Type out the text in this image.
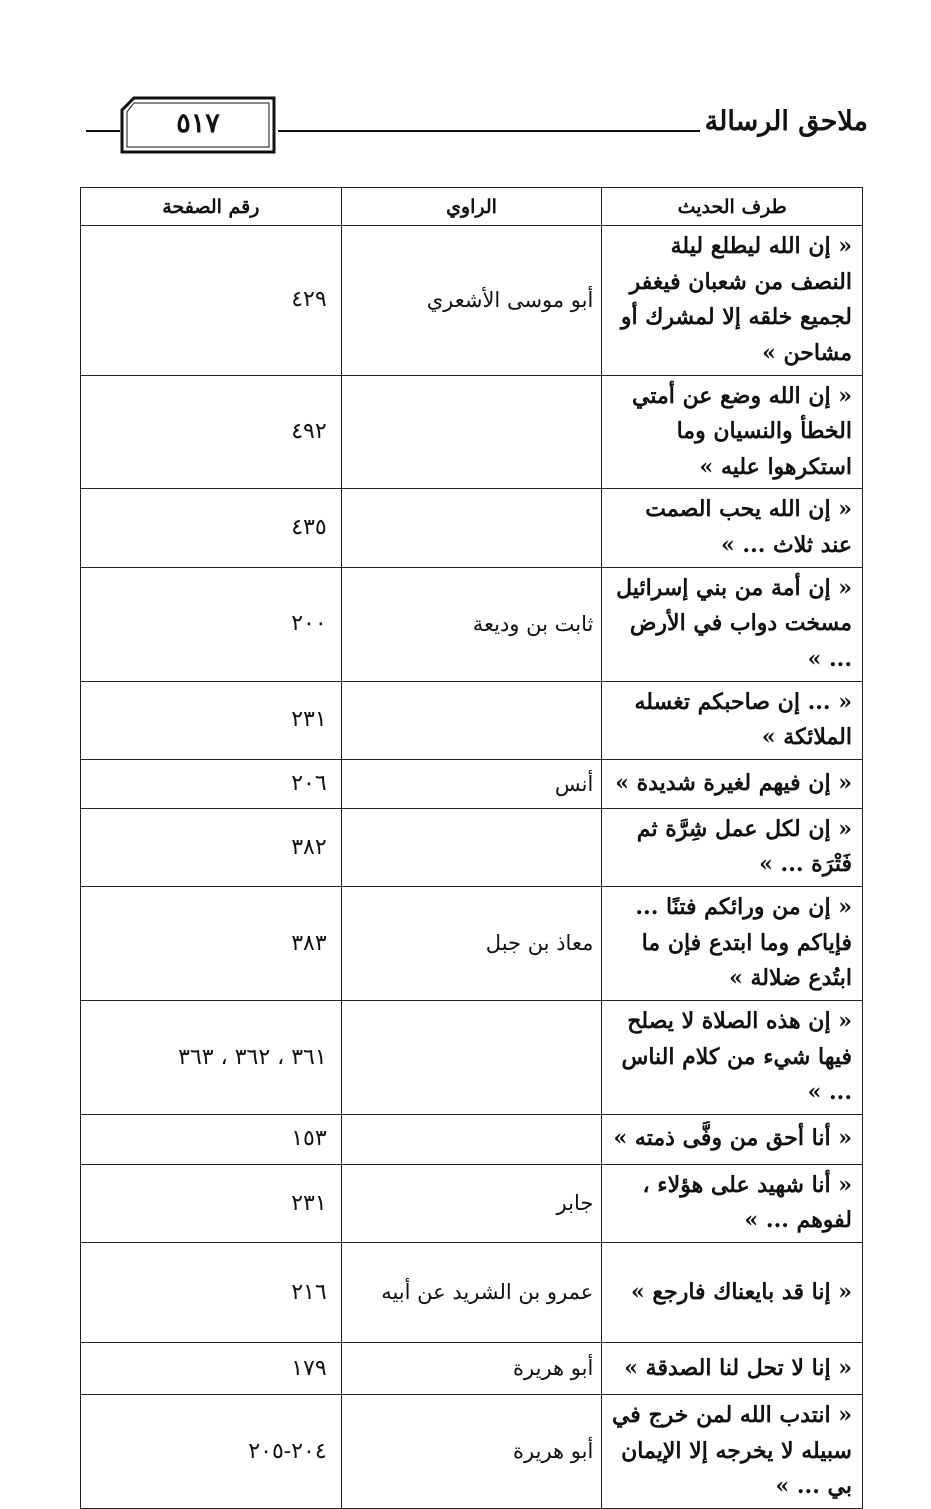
ملاحق الرسالة
٥١٧
طرف الحديث	الراوي	رقم الصفحة
« إن الله ليطلع ليلة النصف من شعبان فيغفر لجميع خلقه إلا لمشرك أو مشاحن »	أبو موسى الأشعري	٤٢٩
« إن الله وضع عن أمتي الخطأ والنسيان وما استكرهوا عليه »		٤٩٢
« إن الله يحب الصمت عند ثلاث ... »		٤٣٥
« إن أمة من بني إسرائيل مسخت دواب في الأرض ... »	ثابت بن وديعة	٢٠٠
« ... إن صاحبكم تغسله الملائكة »		٢٣١
« إن فيهم لغيرة شديدة »	أنس	٢٠٦
« إن لكل عمل شِرَّة ثم فَتْرَة ... »		٣٨٢
« إن من ورائكم فتنًا ... فإياكم وما ابتدع فإن ما ابتُدع ضلالة »	معاذ بن جبل	٣٨٣
« إن هذه الصلاة لا يصلح فيها شيء من كلام الناس ... »		٣٦١ ، ٣٦٢ ، ٣٦٣
« أنا أحق من وفَّى ذمته »		١٥٣
« أنا شهيد على هؤلاء ، لفوهم ... »	جابر	٢٣١
« إنا قد بايعناك فارجع »	عمرو بن الشريد عن أبيه	٢١٦
« إنا لا تحل لنا الصدقة »	أبو هريرة	١٧٩
« انتدب الله لمن خرج في سبيله لا يخرجه إلا الإيمان بي ... »	أبو هريرة	٢٠٤-٢٠٥
